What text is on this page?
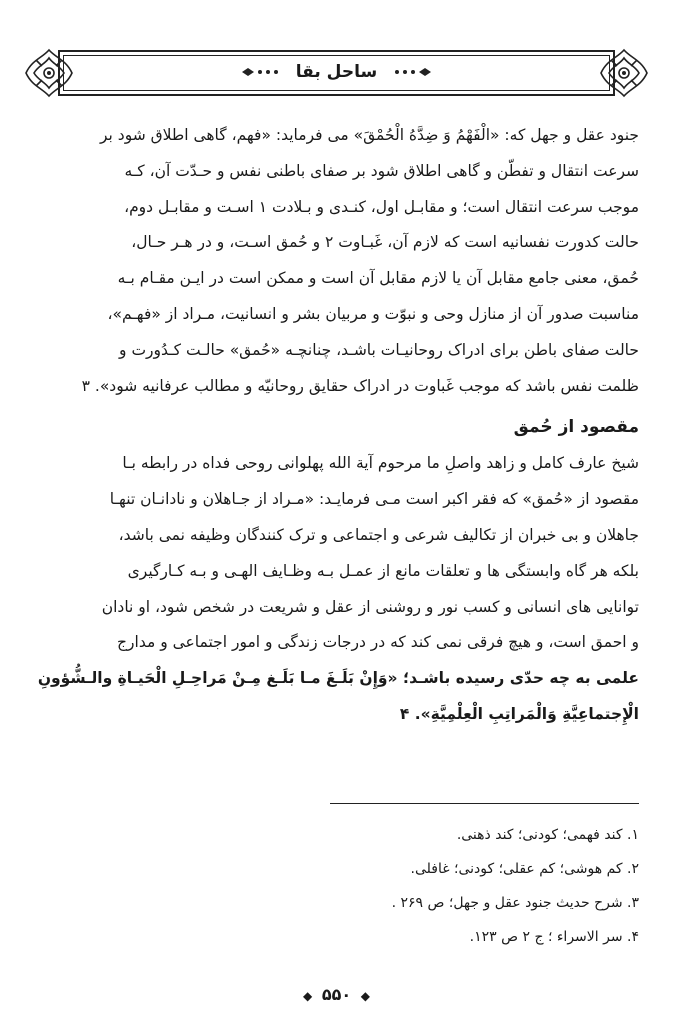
ساحل بقا

جنود عقل و جهل که: «الْفَهْمُ وَ ضِدَّهُ الْحُمْقَ» می فرماید: «فهم، گاهی اطلاق شود بر

سرعت انتقال و تفطّن و گاهی اطلاق شود بر صفای باطنی نفس و حـدّت آن، کـه

موجب سرعت انتقال است؛ و مقابـل اول، کنـدی و بـلادت ۱ اسـت و مقابـل دوم،

حالت کدورت نفسانیه است که لازم آن، غَبـاوت ۲ و حُمق اسـت، و در هـر حـال،

حُمق، معنی جامع مقابل آن یا لازم مقابل آن است و ممکن است در ایـن مقـام بـه

مناسبت صدور آن از منازل وحی و نبوّت و مربیان بشر و انسانیت، مـراد از «فهـم»،

حالت صفای باطن برای ادراک روحانیـات باشـد، چنانچـه «حُمق» حالـت کـدُورت و

ظلمت نفس باشد که موجب غَباوت در ادراک حقایق روحانیّه و مطالب عرفانیه شود». ۳

مقصود از حُمق

شیخ عارف کامل و زاهد واصلِ ما مرحوم آیة الله پهلوانی روحی فداه در رابطه بـا

مقصود از «حُمق» که فقر اکبر است مـی فرمایـد: «مـراد از جـاهلان و نادانـان تنهـا

جاهلان و بی خبران از تکالیف شرعی و اجتماعی و ترک کنندگان وظیفه نمی باشد،

بلکه هر گاه وابستگی ها و تعلقات مانع از عمـل بـه وظـایف الهـی و بـه کـارگیری

توانایی های انسانی و کسب نور و روشنی از عقل و شریعت در شخص شود، او نادان

و احمق است، و هیچ فرقی نمی کند که در درجات زندگی و امور اجتماعی و مدارج

علمی به چه حدّی رسیده باشـد؛ «وَإِنْ بَلَـغَ مـا بَلَـغ مِـنْ مَراحِـلِ الْحَيـاةِ والـشُّؤونِ

الْإِجتماعِيَّةِ وَالْمَراتِبِ الْعِلْمِيَّةِ». ۴

۱. کند فهمی؛ کودنی؛ کند ذهنی.
۲. کم هوشی؛ کم عقلی؛ کودنی؛ غافلی.
۳. شرح حدیث جنود عقل و جهل؛ ص ۲۶۹ .
۴. سر الاسراء ؛ ج ۲ ص ۱۲۳.
◆ ۵۵۰ ◆
